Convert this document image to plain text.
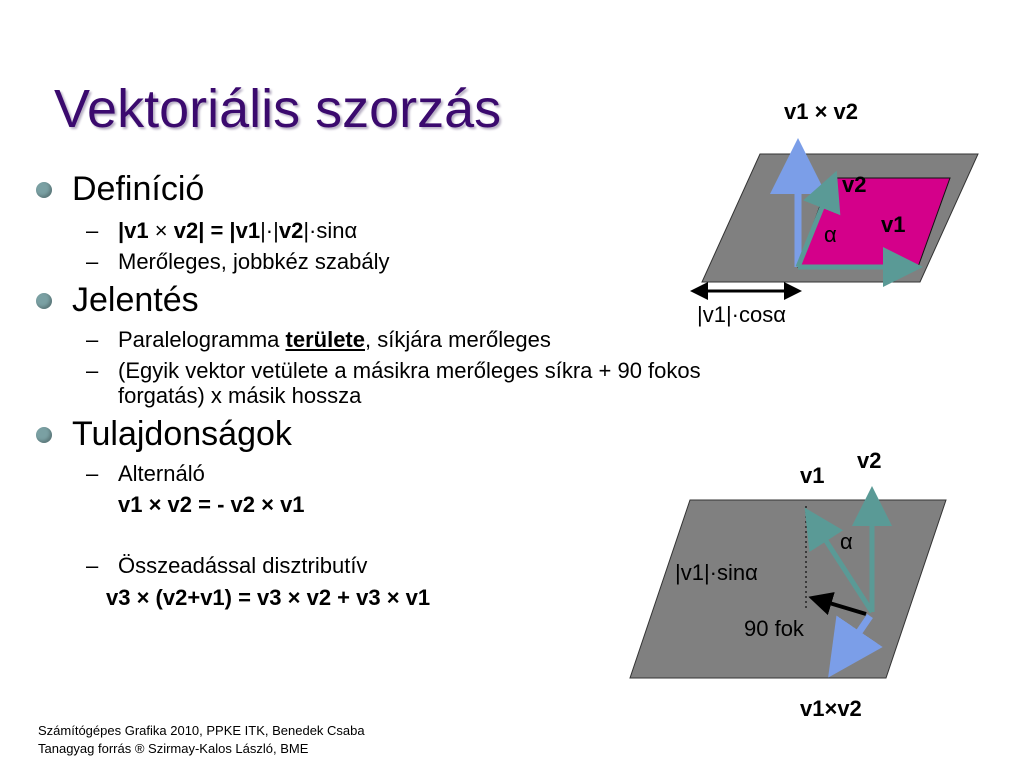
Vektoriális szorzás
Definíció
– |v1 × v2| = |v1|·|v2|·sinα
– Merőleges, jobbkéz szabály
Jelentés
– Paralelogramma területe, síkjára merőleges
– (Egyik vektor vetülete a másikra merőleges síkra + 90 fokos
forgatás) x másik hossza
Tulajdonságok
– Alternáló
v1 × v2 = - v2 × v1
– Összeadással disztributív
v3 × (v2+v1) = v3 × v2 + v3 × v1
v1 × v2
v2
v1
α
|v1|·cosα
v2
v1
α
|v1|·sinα
90 fok
v1×v2
Számítógépes Grafika 2010, PPKE ITK, Benedek Csaba
Tanagyag forrás ® Szirmay-Kalos László, BME
